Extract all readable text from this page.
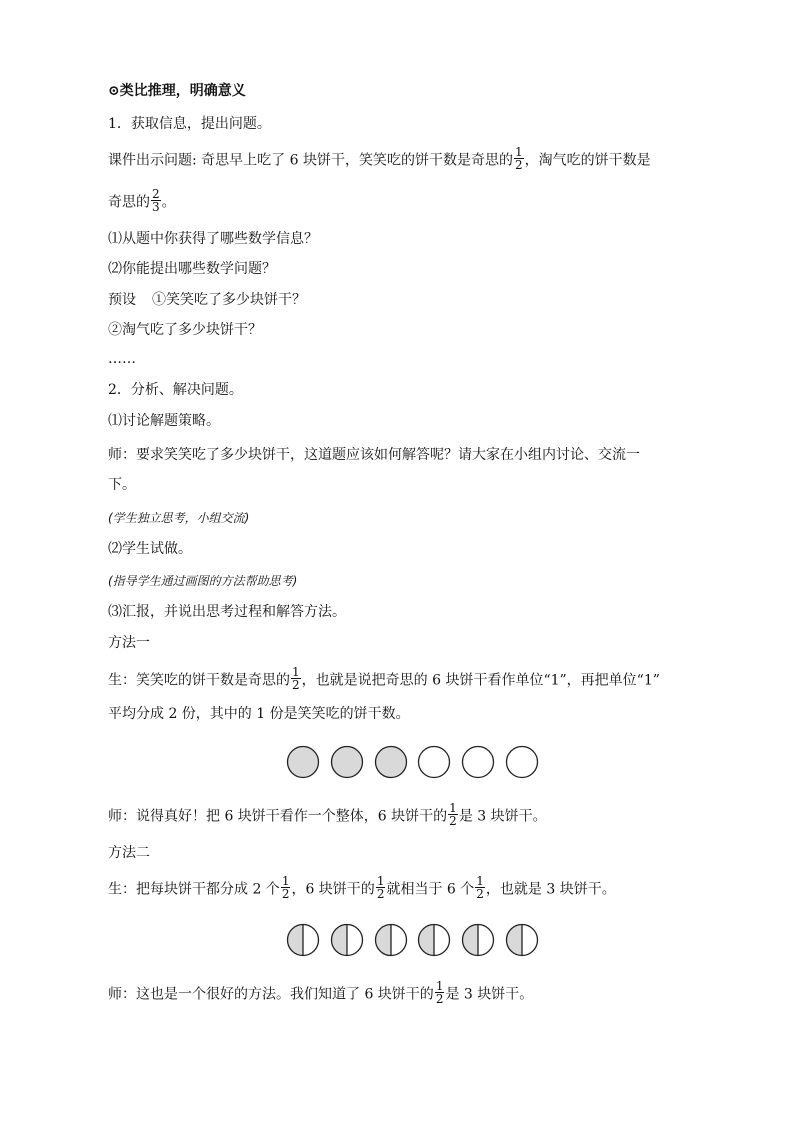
⊙类比推理，明确意义
1．获取信息，提出问题。
课件出示问题: 奇思早上吃了 6 块饼干，笑笑吃的饼干数是奇思的 $\frac{1}{2}$ ，淘气吃的饼干数是
奇思的 $\frac{2}{3}$ 。
⑴从题中你获得了哪些数学信息？
⑵你能提出哪些数学问题？
预设 ①笑笑吃了多少块饼干？
②淘气吃了多少块饼干？
……
2．分析、解决问题。
⑴讨论解题策略。
师：要求笑笑吃了多少块饼干，这道题应该如何解答呢？请大家在小组内讨论、交流一
下。
(学生独立思考，小组交流)
⑵学生试做。
(指导学生通过画图的方法帮助思考)
⑶汇报，并说出思考过程和解答方法。
方法一
生：笑笑吃的饼干数是奇思的 $\frac{1}{2}$ ，也就是说把奇思的 6 块饼干看作单位“1”，再把单位“1”
平均分成 2 份，其中的 1 份是笑笑吃的饼干数。
师：说得真好！把 6 块饼干看作一个整体，6 块饼干的 $\frac{1}{2}$ 是 3 块饼干。
方法二
生：把每块饼干都分成 2 个 $\frac{1}{2}$ ，6 块饼干的 $\frac{1}{2}$ 就相当于 6 个 $\frac{1}{2}$ ，也就是 3 块饼干。
师：这也是一个很好的方法。我们知道了 6 块饼干的 $\frac{1}{2}$ 是 3 块饼干。
